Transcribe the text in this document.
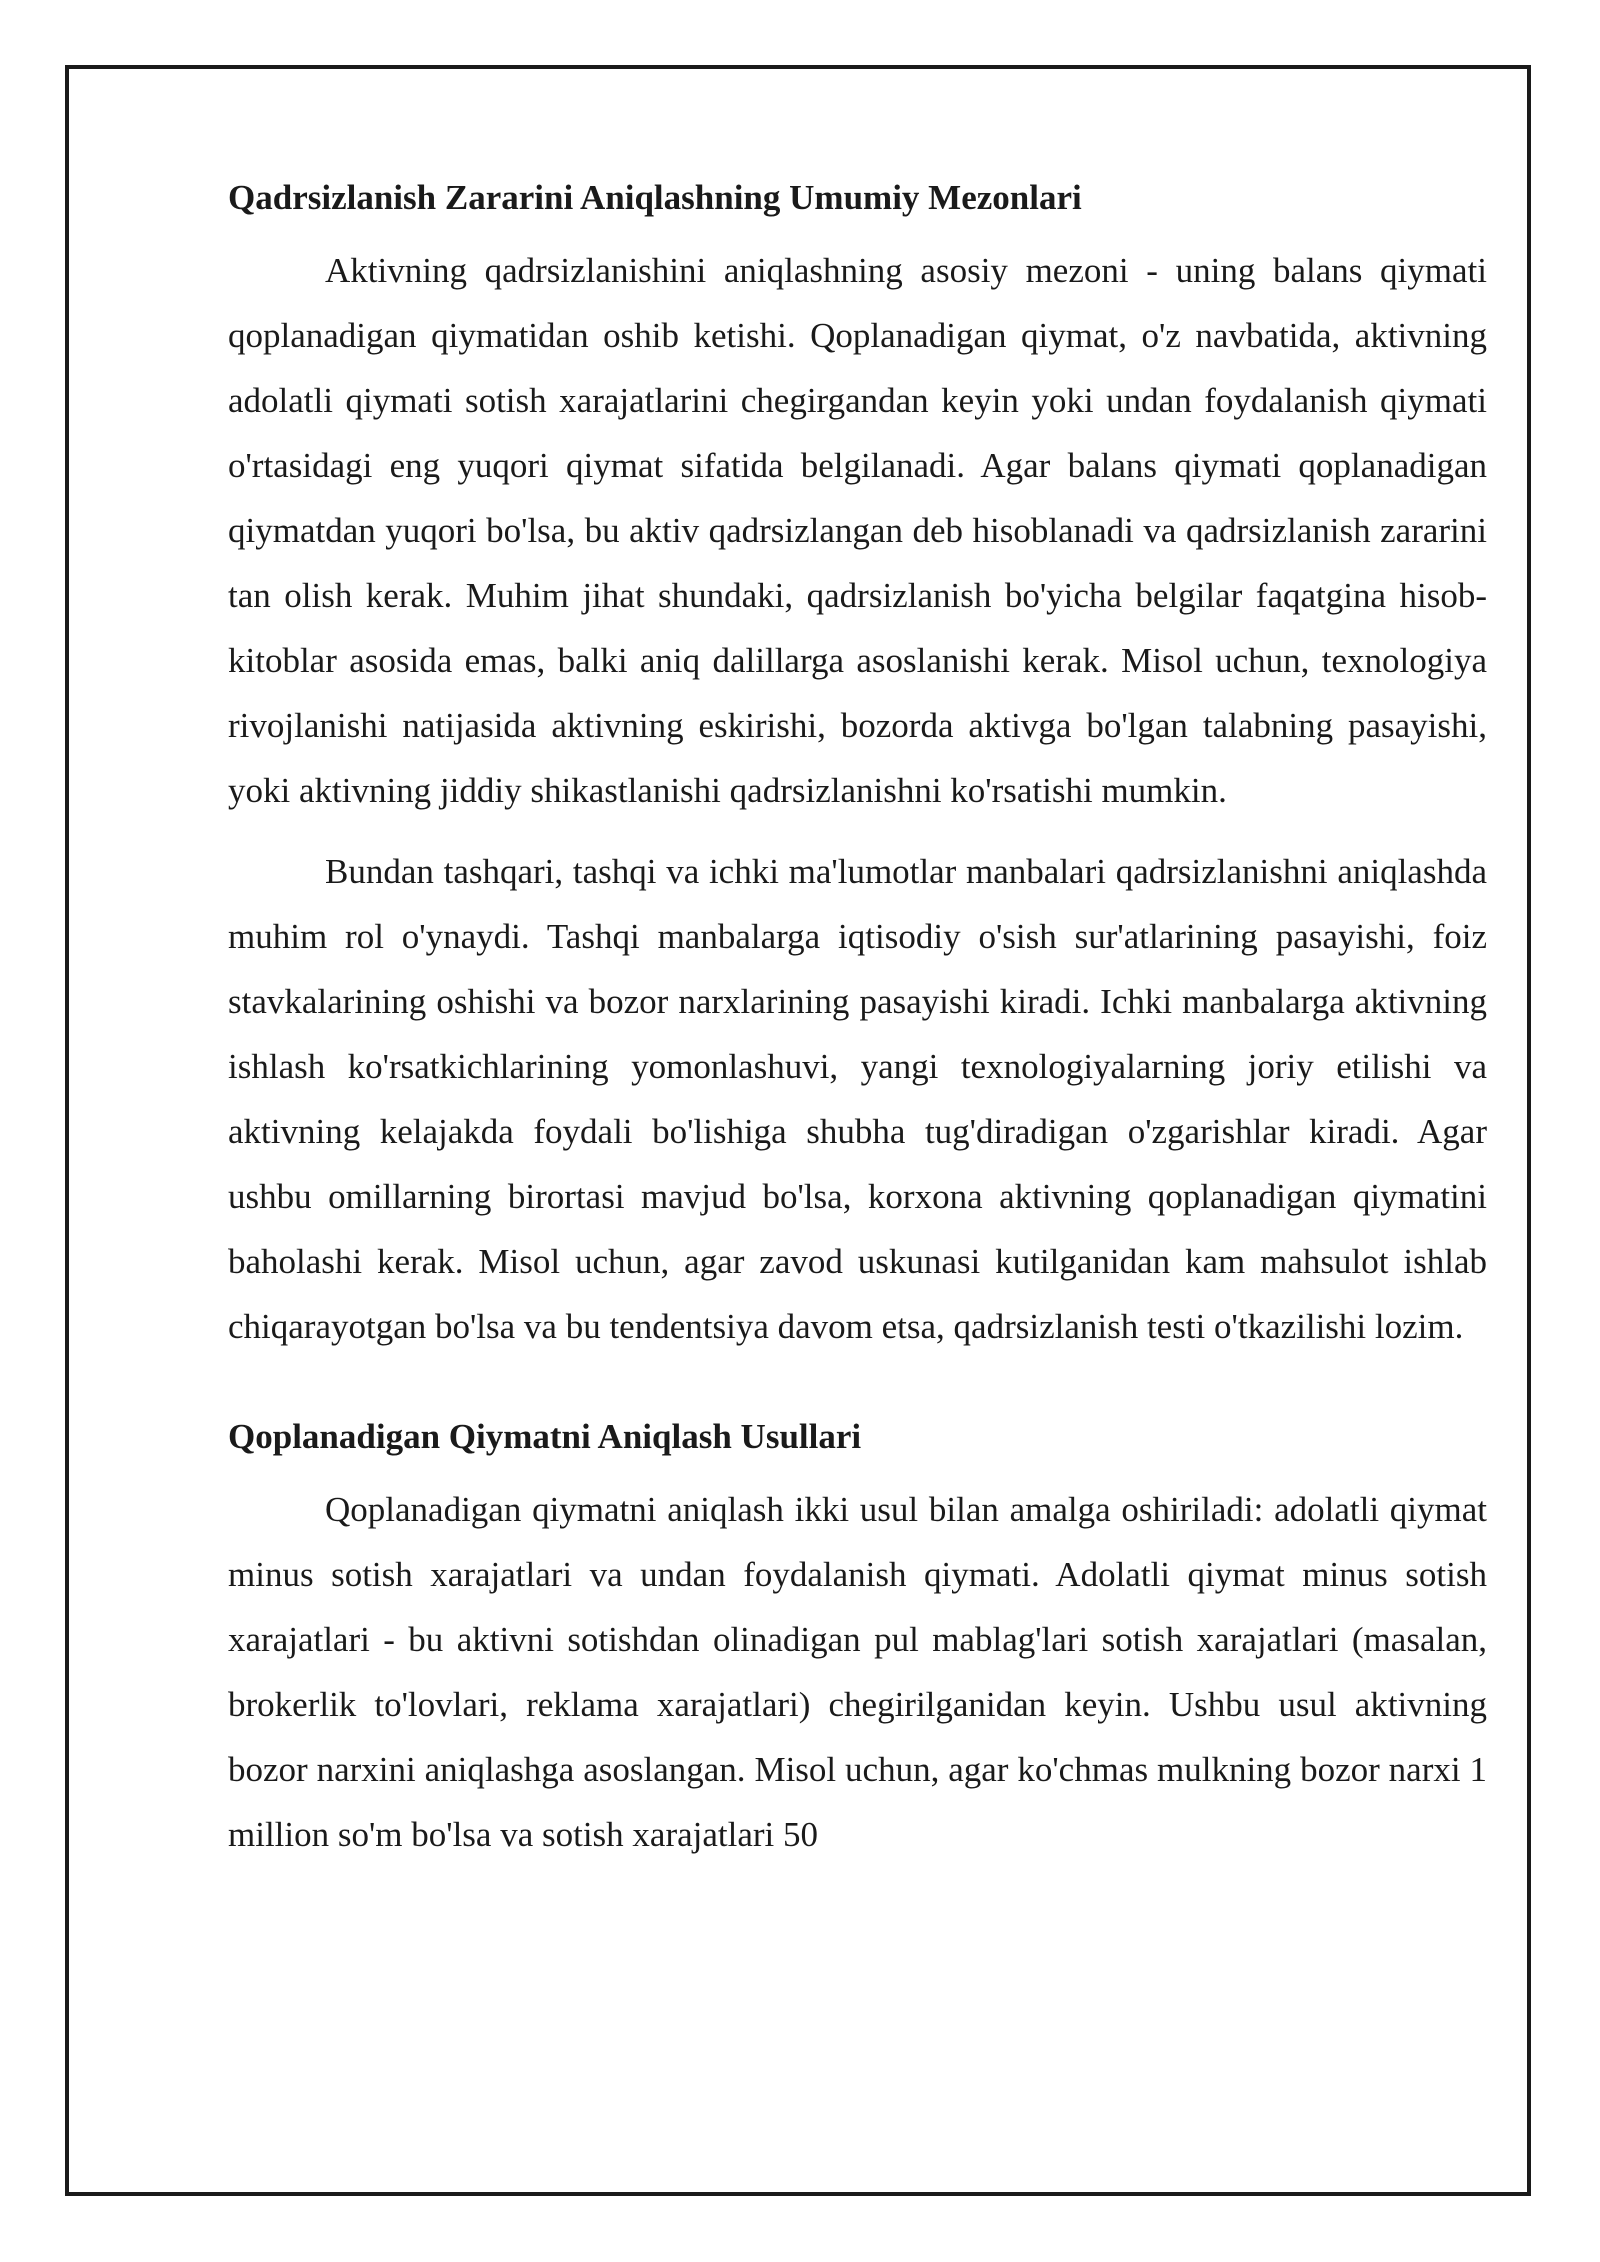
Qadrsizlanish Zararini Aniqlashning Umumiy Mezonlari

Aktivning qadrsizlanishini aniqlashning asosiy mezoni - uning balans qiymati qoplanadigan qiymatidan oshib ketishi. Qoplanadigan qiymat, o'z navbatida, aktivning adolatli qiymati sotish xarajatlarini chegirgandan keyin yoki undan foydalanish qiymati o'rtasidagi eng yuqori qiymat sifatida belgilanadi. Agar balans qiymati qoplanadigan qiymatdan yuqori bo'lsa, bu aktiv qadrsizlangan deb hisoblanadi va qadrsizlanish zararini tan olish kerak. Muhim jihat shundaki, qadrsizlanish bo'yicha belgilar faqatgina hisob-kitoblar asosida emas, balki aniq dalillarga asoslanishi kerak. Misol uchun, texnologiya rivojlanishi natijasida aktivning eskirishi, bozorda aktivga bo'lgan talabning pasayishi, yoki aktivning jiddiy shikastlanishi qadrsizlanishni ko'rsatishi mumkin.

Bundan tashqari, tashqi va ichki ma'lumotlar manbalari qadrsizlanishni aniqlashda muhim rol o'ynaydi. Tashqi manbalarga iqtisodiy o'sish sur'atlarining pasayishi, foiz stavkalarining oshishi va bozor narxlarining pasayishi kiradi. Ichki manbalarga aktivning ishlash ko'rsatkichlarining yomonlashuvi, yangi texnologiyalarning joriy etilishi va aktivning kelajakda foydali bo'lishiga shubha tug'diradigan o'zgarishlar kiradi. Agar ushbu omillarning birortasi mavjud bo'lsa, korxona aktivning qoplanadigan qiymatini baholashi kerak. Misol uchun, agar zavod uskunasi kutilganidan kam mahsulot ishlab chiqarayotgan bo'lsa va bu tendentsiya davom etsa, qadrsizlanish testi o'tkazilishi lozim.

Qoplanadigan Qiymatni Aniqlash Usullari

Qoplanadigan qiymatni aniqlash ikki usul bilan amalga oshiriladi: adolatli qiymat minus sotish xarajatlari va undan foydalanish qiymati. Adolatli qiymat minus sotish xarajatlari - bu aktivni sotishdan olinadigan pul mablag'lari sotish xarajatlari (masalan, brokerlik to'lovlari, reklama xarajatlari) chegirilganidan keyin. Ushbu usul aktivning bozor narxini aniqlashga asoslangan. Misol uchun, agar ko'chmas mulkning bozor narxi 1 million so'm bo'lsa va sotish xarajatlari 50
